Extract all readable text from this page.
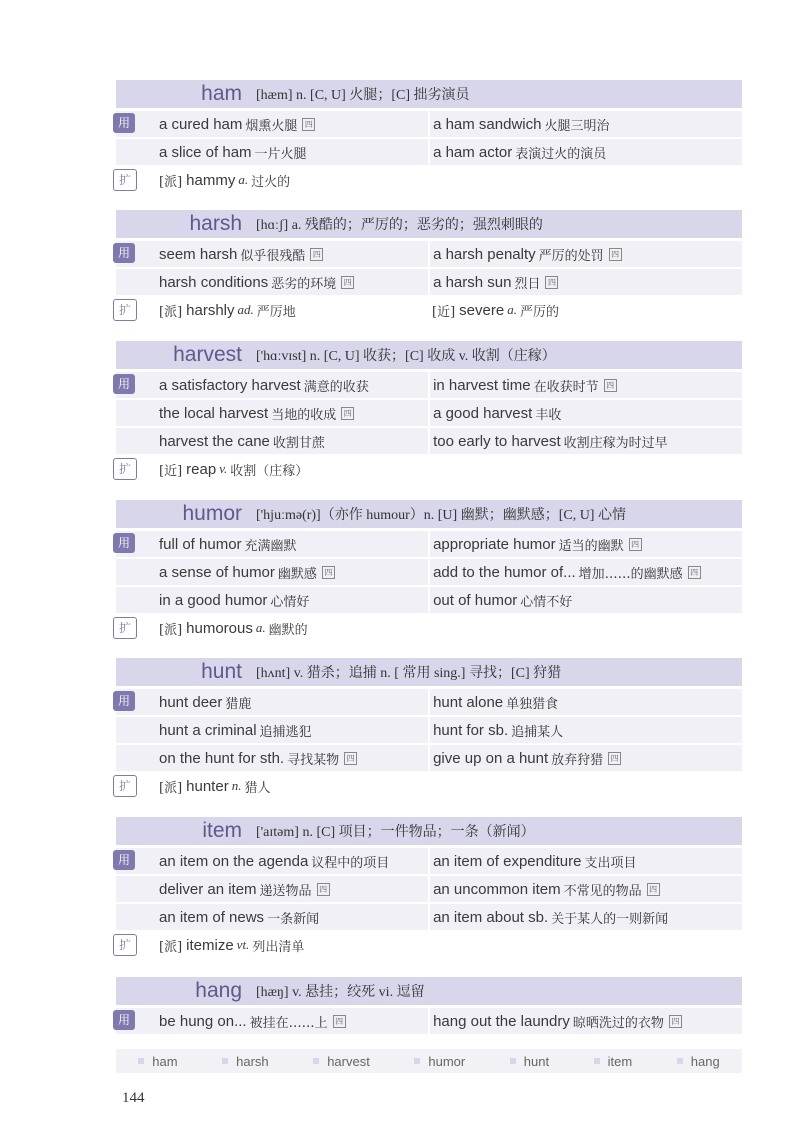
ham	[hæm] n. [C, U] 火腿；[C] 拙劣演员
用	a cured ham 烟熏火腿 四	a ham sandwich 火腿三明治
a slice of ham 一片火腿	a ham actor 表演过火的演员
扩	[派] hammy a. 过火的
harsh	[hɑːʃ] a. 残酷的；严厉的；恶劣的；强烈刺眼的
用	seem harsh 似乎很残酷 四	a harsh penalty 严厉的处罚 四
harsh conditions 恶劣的环境 四	a harsh sun 烈日 四
扩	[派] harshly ad. 严厉地	[近] severe a. 严厉的
harvest	['hɑːvɪst] n. [C, U] 收获；[C] 收成 v. 收割（庄稼）
用	a satisfactory harvest 满意的收获	in harvest time 在收获时节 四
the local harvest 当地的收成 四	a good harvest 丰收
harvest the cane 收割甘蔗	too early to harvest 收割庄稼为时过早
扩	[近] reap v. 收割（庄稼）
humor	['hjuːmə(r)]（亦作 humour）n. [U] 幽默；幽默感；[C, U] 心情
用	full of humor 充满幽默	appropriate humor 适当的幽默 四
a sense of humor 幽默感 四	add to the humor of... 增加……的幽默感 四
in a good humor 心情好	out of humor 心情不好
扩	[派] humorous a. 幽默的
hunt	[hʌnt] v. 猎杀；追捕 n. [ 常用 sing.] 寻找；[C] 狩猎
用	hunt deer 猎鹿	hunt alone 单独猎食
hunt a criminal 追捕逃犯	hunt for sb. 追捕某人
on the hunt for sth. 寻找某物 四	give up on a hunt 放弃狩猎 四
扩	[派] hunter n. 猎人
item	['aɪtəm] n. [C] 项目；一件物品；一条（新闻）
用	an item on the agenda 议程中的项目	an item of expenditure 支出项目
deliver an item 递送物品 四	an uncommon item 不常见的物品 四
an item of news 一条新闻	an item about sb. 关于某人的一则新闻
扩	[派] itemize vt. 列出清单
hang	[hæŋ] v. 悬挂；绞死 vi. 逗留
用	be hung on... 被挂在……上 四	hang out the laundry 晾晒洗过的衣物 四
ham	harsh	harvest	humor	hunt	item	hang
144
